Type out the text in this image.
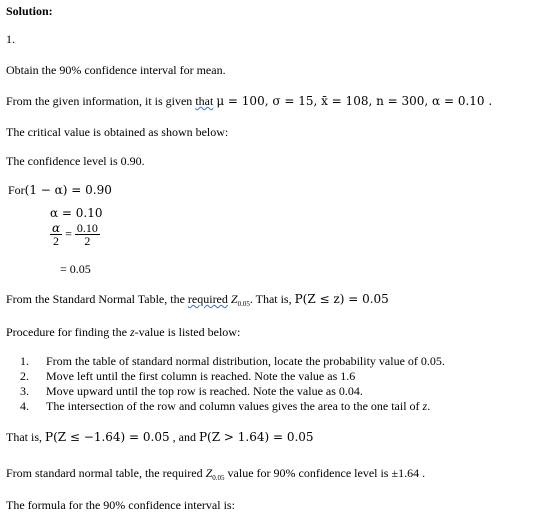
Solution:
1.
Obtain the 90% confidence interval for mean.
From the given information, it is given that μ = 100, σ = 15, x̄ = 108, n = 300, α = 0.10 .
The critical value is obtained as shown below:
The confidence level is 0.90.
For(1 − α) = 0.90
α = 0.10
$\frac{\alpha}{2} = \frac{0.10}{2}$
= 0.05
From the Standard Normal Table, the required $Z_{0.05}$. That is, P(Z ≤ z) = 0.05
Procedure for finding the z-value is listed below:
1. From the table of standard normal distribution, locate the probability value of 0.05.
2. Move left until the first column is reached. Note the value as 1.6
3. Move upward until the top row is reached. Note the value as 0.04.
4. The intersection of the row and column values gives the area to the one tail of z.
That is, P(Z ≤ −1.64) = 0.05 , and P(Z > 1.64) = 0.05
From standard normal table, the required $Z_{0.05}$ value for 90% confidence level is ±1.64 .
The formula for the 90% confidence interval is:
